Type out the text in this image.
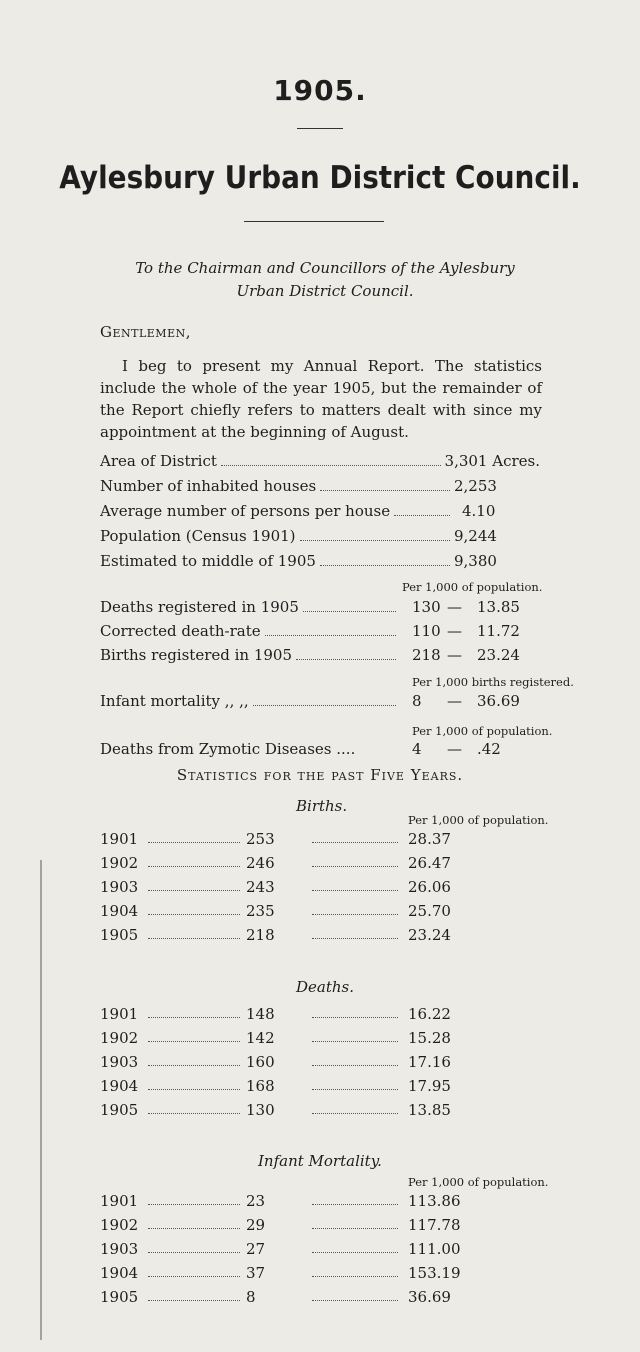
1905.
Aylesbury Urban District Council.
To the Chairman and Councillors of the Aylesbury Urban District Council.
Gentlemen,
I beg to present my Annual Report. The statistics include the whole of the year 1905, but the remainder of the Report chiefly refers to matters dealt with since my appointment at the beginning of August.
Area of District	3,301 Acres.
Number of inhabited houses	2,253
Average number of persons per house	4.10
Population (Census 1901)	9,244
Estimated to middle of 1905	9,380
Per 1,000 of population.
Deaths registered in 1905	130 — 13.85
Corrected death-rate	110 — 11.72
Births registered in 1905	218 — 23.24
Per 1,000 births registered.
Infant mortality ,, ,,	8 — 36.69
Per 1,000 of population.
Deaths from Zymotic Diseases ....	4 — .42
Statistics for the past Five Years.
Births.
Per 1,000 of population.
1901	253	28.37
1902	246	26.47
1903	243	26.06
1904	235	25.70
1905	218	23.24
Deaths.
1901	148	16.22
1902	142	15.28
1903	160	17.16
1904	168	17.95
1905	130	13.85
Infant Mortality.
Per 1,000 of population.
1901	23	113.86
1902	29	117.78
1903	27	111.00
1904	37	153.19
1905	8	36.69
